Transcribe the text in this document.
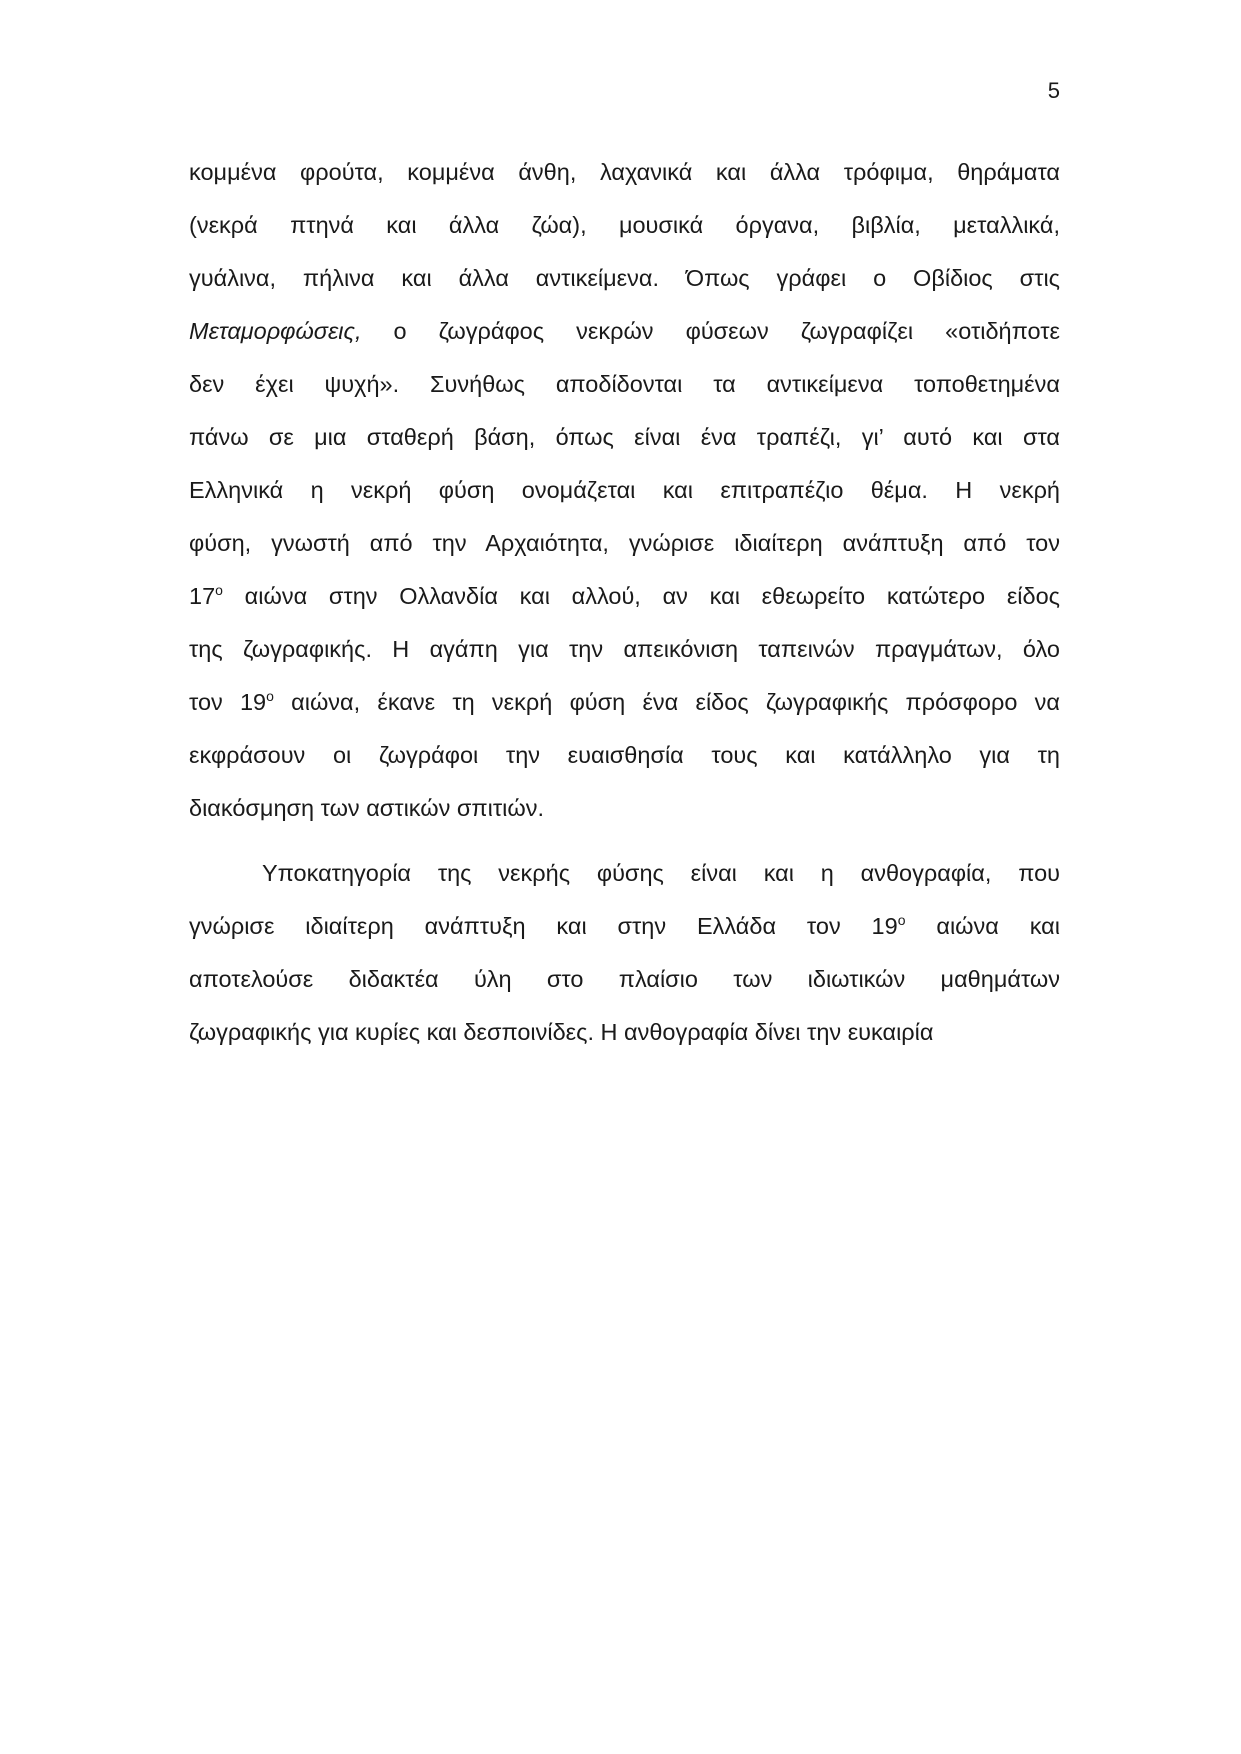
5
κομμένα φρούτα, κομμένα άνθη, λαχανικά και άλλα τρόφιμα, θηράματα
(νεκρά πτηνά και άλλα ζώα), μουσικά όργανα, βιβλία, μεταλλικά,
γυάλινα, πήλινα και άλλα αντικείμενα. Όπως γράφει ο Οβίδιος στις
Μεταμορφώσεις, ο ζωγράφος νεκρών φύσεων ζωγραφίζει «οτιδήποτε
δεν έχει ψυχή». Συνήθως αποδίδονται τα αντικείμενα τοποθετημένα
πάνω σε μια σταθερή βάση, όπως είναι ένα τραπέζι, γι’ αυτό και στα
Ελληνικά η νεκρή φύση ονομάζεται και επιτραπέζιο θέμα. Η νεκρή
φύση, γνωστή από την Αρχαιότητα, γνώρισε ιδιαίτερη ανάπτυξη από τον
$17^o$ αιώνα στην Ολλανδία και αλλού, αν και εθεωρείτο κατώτερο είδος
της ζωγραφικής. Η αγάπη για την απεικόνιση ταπεινών πραγμάτων, όλο
τον $19^o$ αιώνα, έκανε τη νεκρή φύση ένα είδος ζωγραφικής πρόσφορο να
εκφράσουν οι ζωγράφοι την ευαισθησία τους και κατάλληλο για τη
διακόσμηση των αστικών σπιτιών.
Υποκατηγορία της νεκρής φύσης είναι και η ανθογραφία, που
γνώρισε ιδιαίτερη ανάπτυξη και στην Ελλάδα τον $19^o$ αιώνα και
αποτελούσε διδακτέα ύλη στο πλαίσιο των ιδιωτικών μαθημάτων
ζωγραφικής για κυρίες και δεσποινίδες. Η ανθογραφία δίνει την ευκαιρία
